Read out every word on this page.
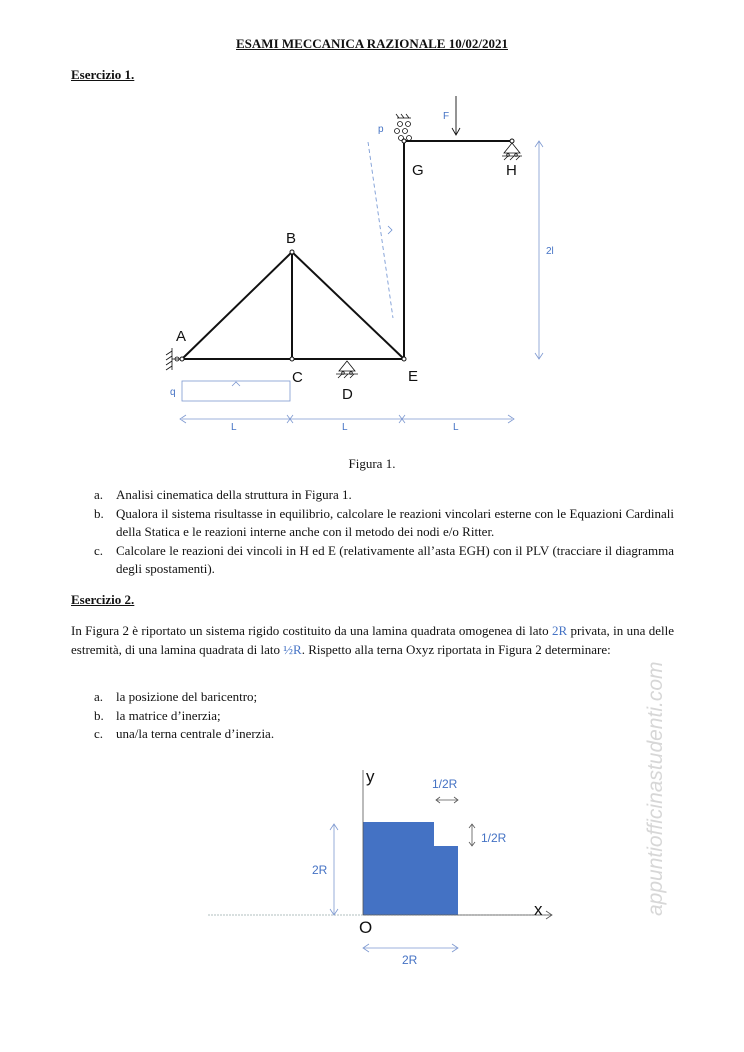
ESAMI MECCANICA RAZIONALE 10/02/2021
Esercizio 1.
A
B
C
D
E
G	H
F
q
p
2l
L	L	L
Figura 1.
a. Analisi cinematica della struttura in Figura 1.
b. Qualora il sistema risultasse in equilibrio, calcolare le reazioni vincolari esterne con le Equazioni Cardinali della Statica e le reazioni interne anche con il metodo dei nodi e/o Ritter.
c. Calcolare le reazioni dei vincoli in H ed E (relativamente all’asta EGH) con il PLV (tracciare il diagramma degli spostamenti).
Esercizio 2.
In Figura 2 è riportato un sistema rigido costituito da una lamina quadrata omogenea di lato 2R privata, in una delle estremità, di una lamina quadrata di lato ½R. Rispetto alla terna Oxyz riportata in Figura 2 determinare:
a. la posizione del baricentro;
b. la matrice d’inerzia;
c. una/la terna centrale d’inerzia.
y
x
O
1/2R
1/2R
2R
2R
appuntiofficinastudenti.com
